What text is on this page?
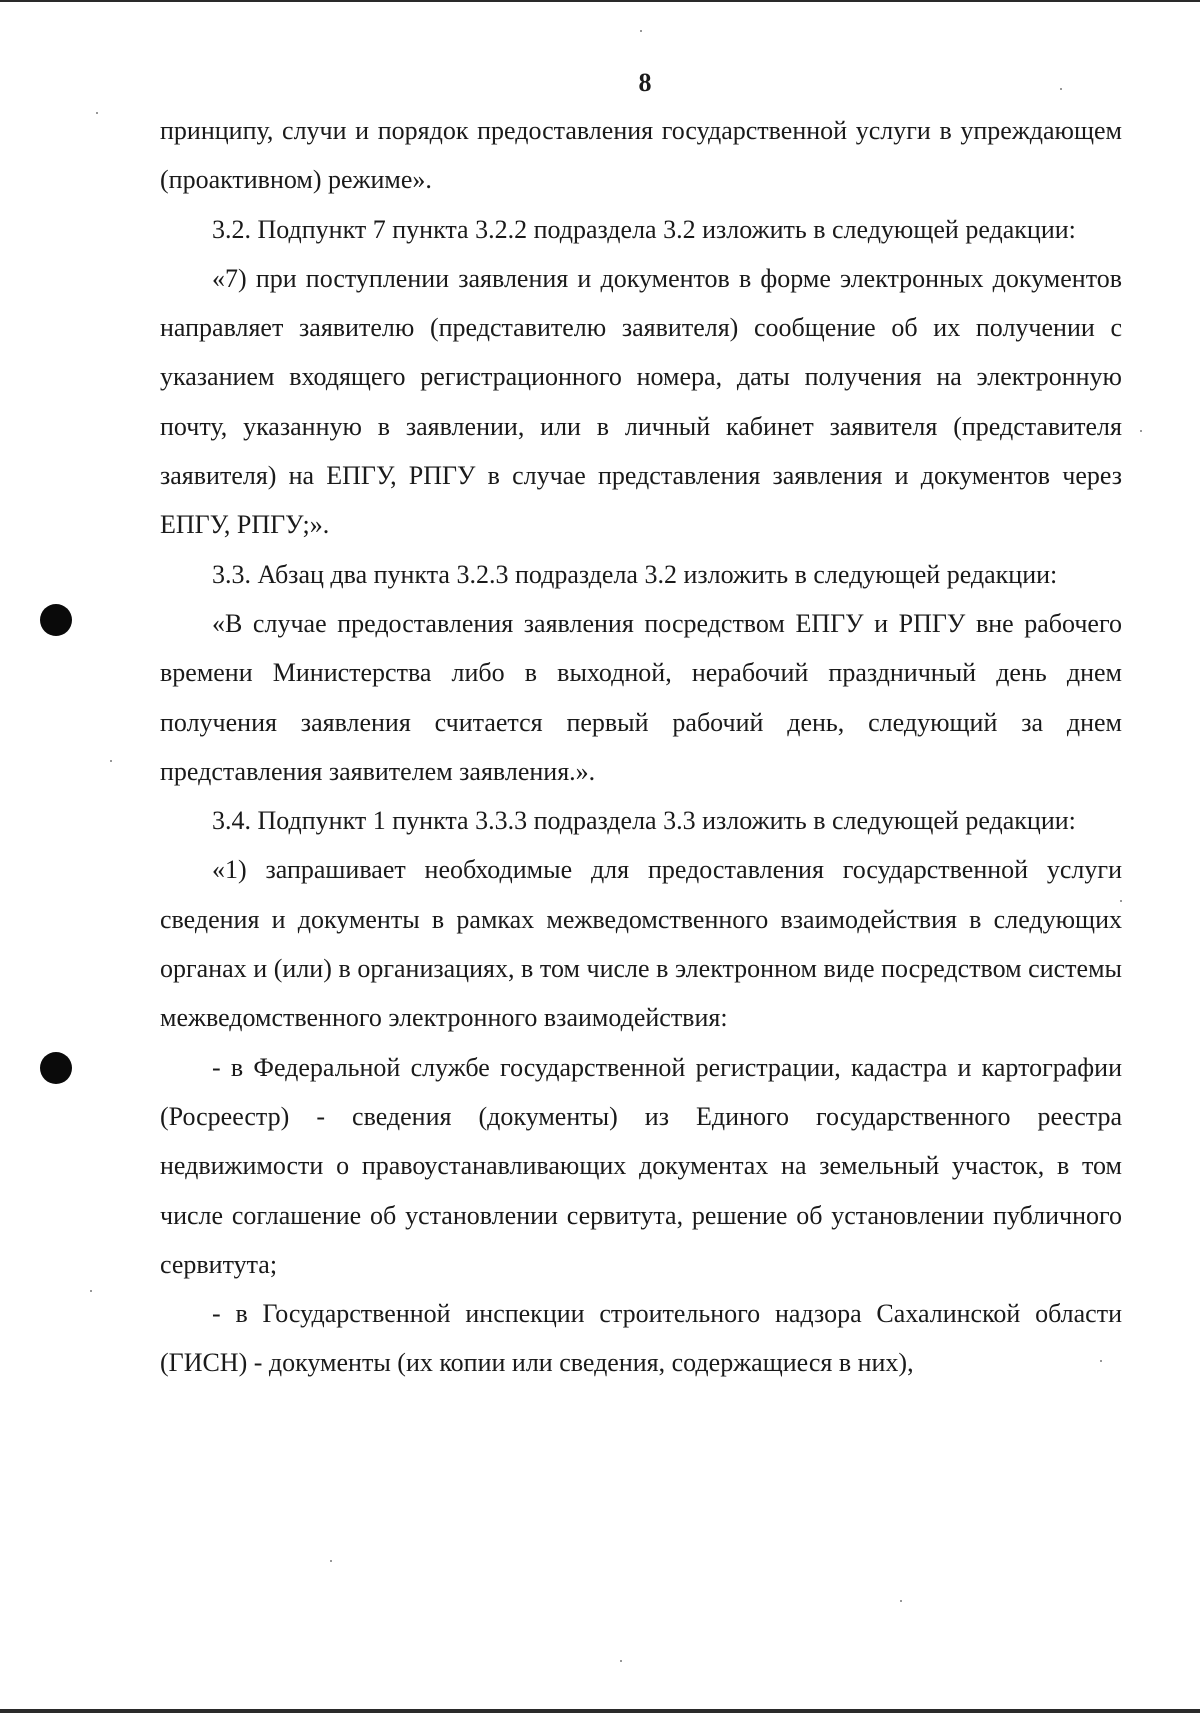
8

принципу, случи и порядок предоставления государственной услуги в упреждающем (проактивном) режиме».

3.2. Подпункт 7 пункта 3.2.2 подраздела 3.2 изложить в следующей редакции:

«7) при поступлении заявления и документов в форме электронных документов направляет заявителю (представителю заявителя) сообщение об их получении с указанием входящего регистрационного номера, даты получения на электронную почту, указанную в заявлении, или в личный кабинет заявителя (представителя заявителя) на ЕПГУ, РПГУ в случае представления заявления и документов через ЕПГУ, РПГУ;».

3.3. Абзац два пункта 3.2.3 подраздела 3.2 изложить в следующей редакции:

«В случае предоставления заявления посредством ЕПГУ и РПГУ вне рабочего времени Министерства либо в выходной, нерабочий праздничный день днем получения заявления считается первый рабочий день, следующий за днем представления заявителем заявления.».

3.4. Подпункт 1 пункта 3.3.3 подраздела 3.3 изложить в следующей редакции:

«1) запрашивает необходимые для предоставления государственной услуги сведения и документы в рамках межведомственного взаимодействия в следующих органах и (или) в организациях, в том числе в электронном виде посредством системы межведомственного электронного взаимодействия:

- в Федеральной службе государственной регистрации, кадастра и картографии (Росреестр) - сведения (документы) из Единого государственного реестра недвижимости о правоустанавливающих документах на земельный участок, в том числе соглашение об установлении сервитута, решение об установлении публичного сервитута;

- в Государственной инспекции строительного надзора Сахалинской области (ГИСН) - документы (их копии или сведения, содержащиеся в них),
